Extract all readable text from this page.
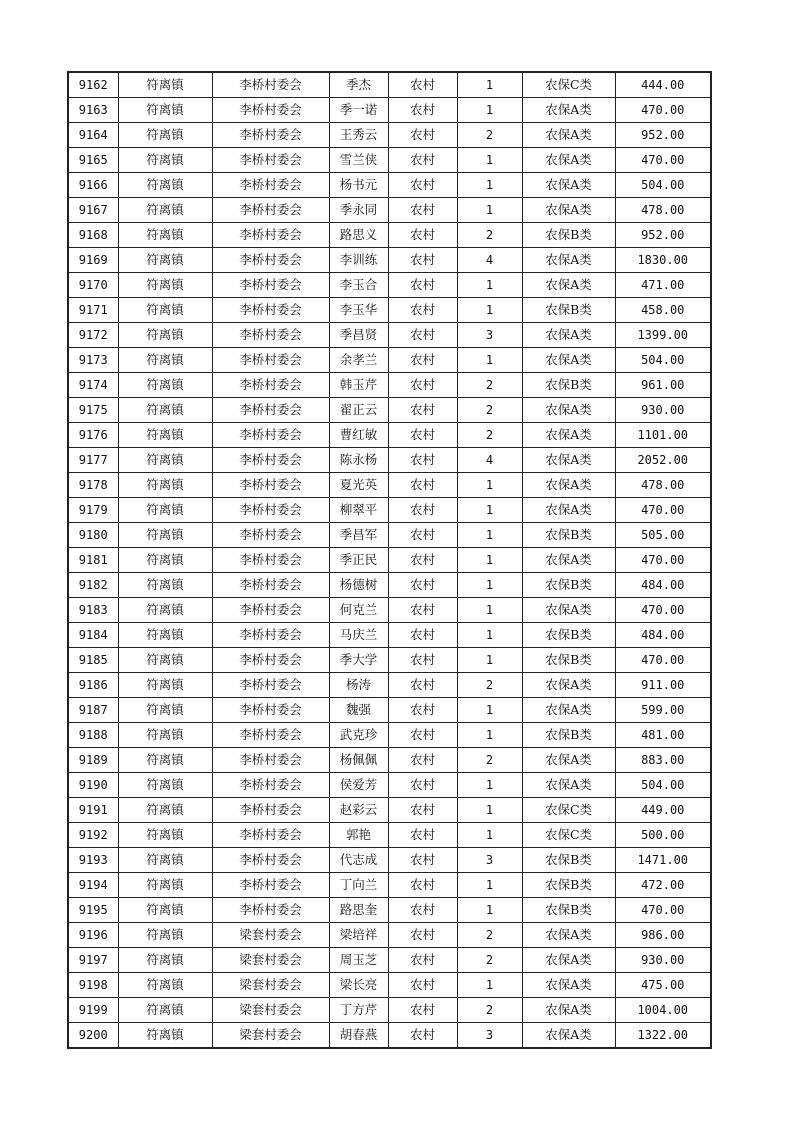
9162	符离镇	李桥村委会	季杰	农村	1	农保C类	444.00
9163	符离镇	李桥村委会	季一诺	农村	1	农保A类	470.00
9164	符离镇	李桥村委会	王秀云	农村	2	农保A类	952.00
9165	符离镇	李桥村委会	雪兰侠	农村	1	农保A类	470.00
9166	符离镇	李桥村委会	杨书元	农村	1	农保A类	504.00
9167	符离镇	李桥村委会	季永同	农村	1	农保A类	478.00
9168	符离镇	李桥村委会	路思义	农村	2	农保B类	952.00
9169	符离镇	李桥村委会	李训练	农村	4	农保A类	1830.00
9170	符离镇	李桥村委会	李玉合	农村	1	农保A类	471.00
9171	符离镇	李桥村委会	李玉华	农村	1	农保B类	458.00
9172	符离镇	李桥村委会	季昌贤	农村	3	农保A类	1399.00
9173	符离镇	李桥村委会	余孝兰	农村	1	农保A类	504.00
9174	符离镇	李桥村委会	韩玉芹	农村	2	农保B类	961.00
9175	符离镇	李桥村委会	翟正云	农村	2	农保A类	930.00
9176	符离镇	李桥村委会	曹红敏	农村	2	农保A类	1101.00
9177	符离镇	李桥村委会	陈永杨	农村	4	农保A类	2052.00
9178	符离镇	李桥村委会	夏光英	农村	1	农保A类	478.00
9179	符离镇	李桥村委会	柳翠平	农村	1	农保A类	470.00
9180	符离镇	李桥村委会	季昌军	农村	1	农保B类	505.00
9181	符离镇	李桥村委会	季正民	农村	1	农保A类	470.00
9182	符离镇	李桥村委会	杨德树	农村	1	农保B类	484.00
9183	符离镇	李桥村委会	何克兰	农村	1	农保A类	470.00
9184	符离镇	李桥村委会	马庆兰	农村	1	农保B类	484.00
9185	符离镇	李桥村委会	季大学	农村	1	农保B类	470.00
9186	符离镇	李桥村委会	杨涛	农村	2	农保A类	911.00
9187	符离镇	李桥村委会	魏强	农村	1	农保A类	599.00
9188	符离镇	李桥村委会	武克珍	农村	1	农保B类	481.00
9189	符离镇	李桥村委会	杨佩佩	农村	2	农保A类	883.00
9190	符离镇	李桥村委会	侯爱芳	农村	1	农保A类	504.00
9191	符离镇	李桥村委会	赵彩云	农村	1	农保C类	449.00
9192	符离镇	李桥村委会	郭艳	农村	1	农保C类	500.00
9193	符离镇	李桥村委会	代志成	农村	3	农保B类	1471.00
9194	符离镇	李桥村委会	丁向兰	农村	1	农保B类	472.00
9195	符离镇	李桥村委会	路思奎	农村	1	农保B类	470.00
9196	符离镇	梁套村委会	梁培祥	农村	2	农保A类	986.00
9197	符离镇	梁套村委会	周玉芝	农村	2	农保A类	930.00
9198	符离镇	梁套村委会	梁长亮	农村	1	农保A类	475.00
9199	符离镇	梁套村委会	丁方芹	农村	2	农保A类	1004.00
9200	符离镇	梁套村委会	胡春燕	农村	3	农保A类	1322.00
